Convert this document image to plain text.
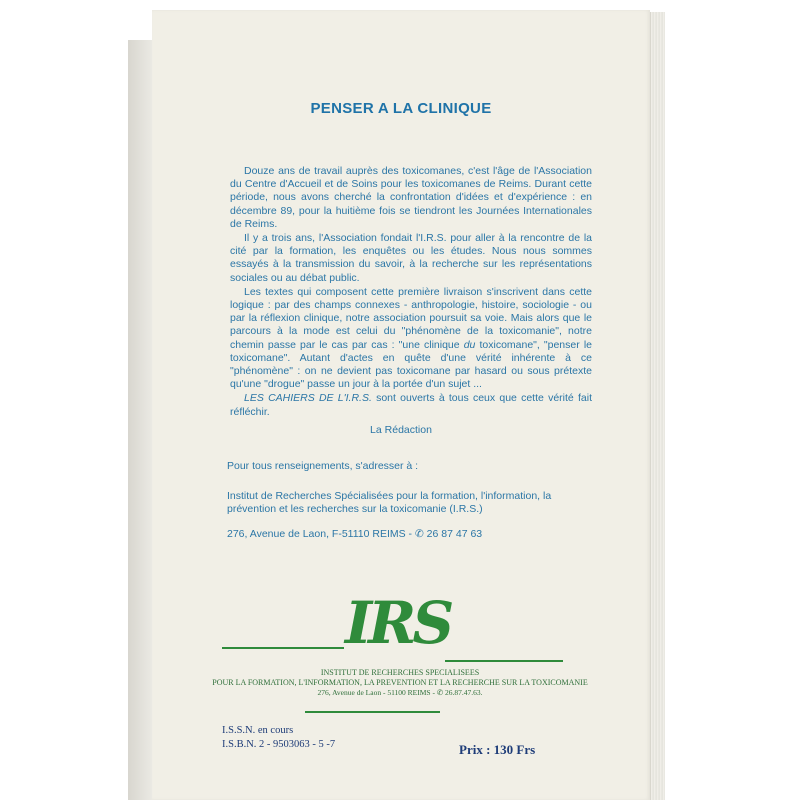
PENSER A LA CLINIQUE

Douze ans de travail auprès des toxicomanes, c'est l'âge de l'Association du Centre d'Accueil et de Soins pour les toxicomanes de Reims. Durant cette période, nous avons cherché la confrontation d'idées et d'expérience : en décembre 89, pour la huitième fois se tiendront les Journées Internationales de Reims.

Il y a trois ans, l'Association fondait l'I.R.S. pour aller à la rencontre de la cité par la formation, les enquêtes ou les études. Nous nous sommes essayés à la transmission du savoir, à la recherche sur les représentations sociales ou au débat public.

Les textes qui composent cette première livraison s'inscrivent dans cette logique : par des champs connexes - anthropologie, histoire, sociologie - ou par la réflexion clinique, notre association poursuit sa voie. Mais alors que le parcours à la mode est celui du "phénomène de la toxicomanie", notre chemin passe par le cas par cas : "une clinique du toxicomane", "penser le toxicomane". Autant d'actes en quête d'une vérité inhérente à ce "phénomène" : on ne devient pas toxicomane par hasard ou sous prétexte qu'une "drogue" passe un jour à la portée d'un sujet ...

LES CAHIERS DE L'I.R.S. sont ouverts à tous ceux que cette vérité fait réfléchir.

La Rédaction
Pour tous renseignements, s'adresser à :
Institut de Recherches Spécialisées pour la formation, l'information, la prévention et les recherches sur la toxicomanie (I.R.S.)
276, Avenue de Laon, F-51110 REIMS - ✆ 26 87 47 63
IRS
INSTITUT DE RECHERCHES SPECIALISEES
POUR LA FORMATION, L'INFORMATION, LA PREVENTION ET LA RECHERCHE SUR LA TOXICOMANIE
276, Avenue de Laon - 51100 REIMS - ✆ 26.87.47.63.
I.S.S.N. en cours
I.S.B.N. 2 - 9503063 - 5 -7	Prix : 130 Frs
